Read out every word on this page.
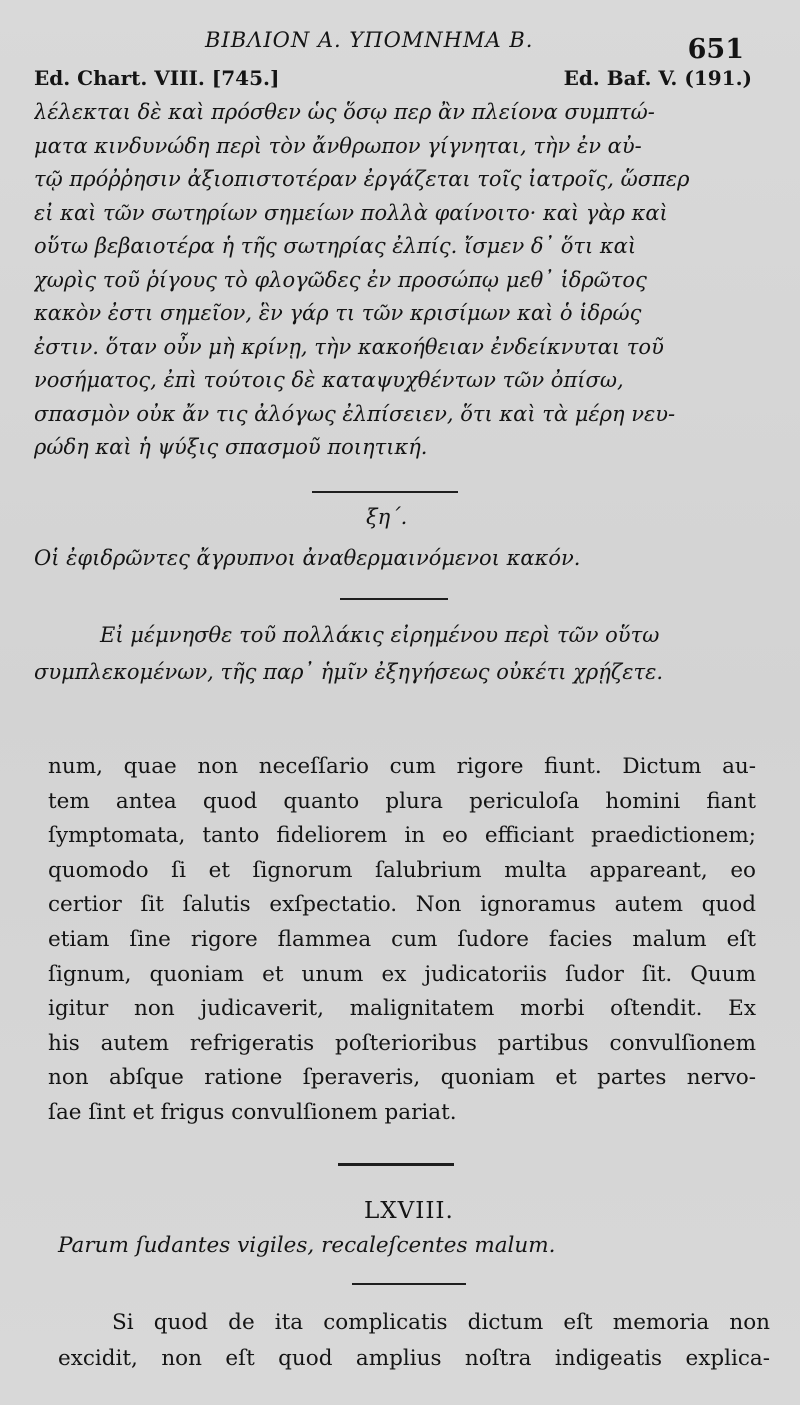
ΒΙΒΛΙΟΝ Α. ΥΠΟΜΝΗΜΑ Β.	651
Ed. Chart. VIII. [745.]	Ed. Baf. V. (191.)
λέλεκται δὲ καὶ πρόσθεν ὡς ὅσῳ περ ἂν πλείονα συμπτώ-
ματα κινδυνώδη περὶ τὸν ἄνθρωπον γίγνηται, τὴν ἐν αὐ-
τῷ πρόῤῥησιν ἀξιοπιστοτέραν ἐργάζεται τοῖς ἰατροῖς, ὥσπερ
εἰ καὶ τῶν σωτηρίων σημείων πολλὰ φαίνοιτο· καὶ γὰρ καὶ
οὕτω βεβαιοτέρα ἡ τῆς σωτηρίας ἐλπίς. ἴσμεν δ᾽ ὅτι καὶ
χωρὶς τοῦ ῥίγους τὸ φλογῶδες ἐν προσώπῳ μεθ᾽ ἱδρῶτος
κακὸν ἐστι σημεῖον, ἓν γάρ τι τῶν κρισίμων καὶ ὁ ἱδρώς
ἐστιν. ὅταν οὖν μὴ κρίνῃ, τὴν κακοήθειαν ἐνδείκνυται τοῦ
νοσήματος, ἐπὶ τούτοις δὲ καταψυχθέντων τῶν ὀπίσω,
σπασμὸν οὐκ ἄν τις ἀλόγως ἐλπίσειεν, ὅτι καὶ τὰ μέρη νευ-
ρώδη καὶ ἡ ψύξις σπασμοῦ ποιητική.
ξη΄.
Οἱ ἐφιδρῶντες ἄγρυπνοι ἀναθερμαινόμενοι κακόν.
Εἰ μέμνησθε τοῦ πολλάκις εἰρημένου περὶ τῶν οὕτω
συμπλεκομένων, τῆς παρ᾽ ἡμῖν ἐξηγήσεως οὐκέτι χρῄζετε.
num, quae non neceſſario cum rigore fiunt. Dictum au-
tem antea quod quanto plura periculoſa homini fiant
ſymptomata, tanto fideliorem in eo efficiant praedictionem;
quomodo ſi et ſignorum ſalubrium multa appareant, eo
certior ſit ſalutis exſpectatio. Non ignoramus autem quod
etiam ſine rigore flammea cum ſudore facies malum eſt
ſignum, quoniam et unum ex judicatoriis ſudor ſit. Quum
igitur non judicaverit, malignitatem morbi oſtendit. Ex
his autem refrigeratis poſterioribus partibus convulſionem
non abſque ratione ſperaveris, quoniam et partes nervo-
ſae ſint et frigus convulſionem pariat.
LXVIII.
Parum ſudantes vigiles, recaleſcentes malum.
Si quod de ita complicatis dictum eſt memoria non
excidit, non eſt quod amplius noſtra indigeatis explica-
